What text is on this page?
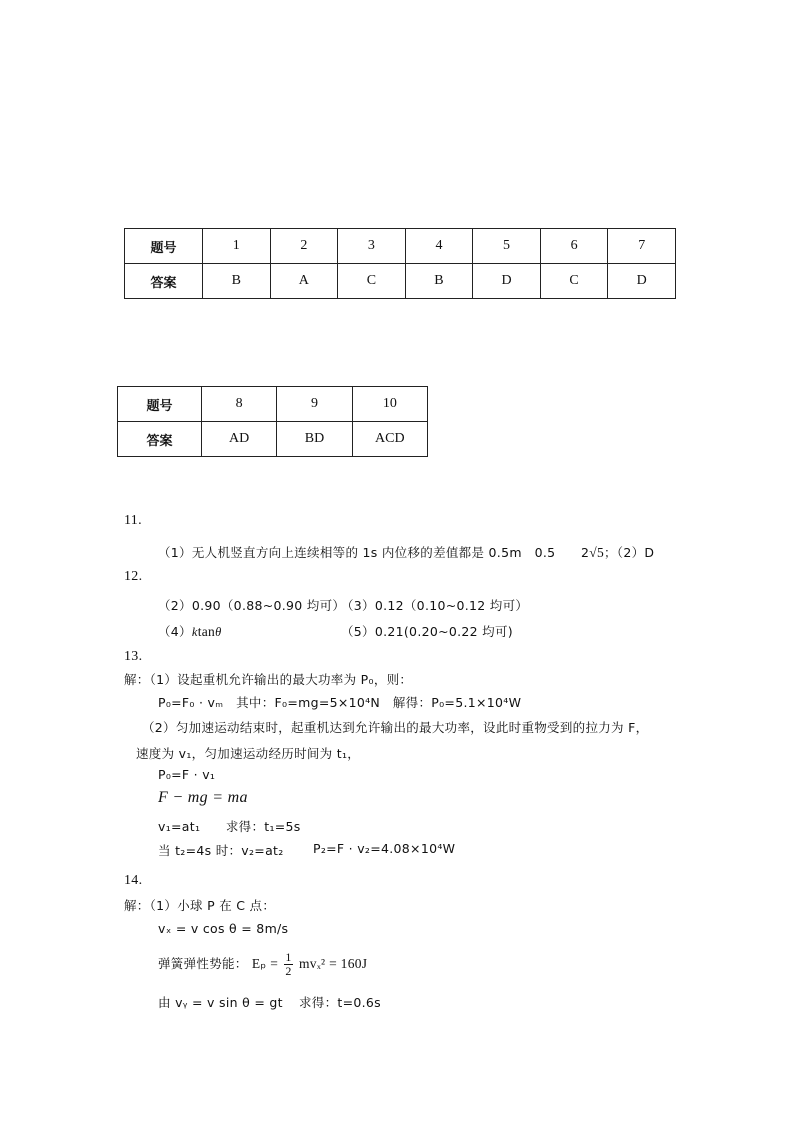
题号	1	2	3	4	5	6	7
答案	B	A	C	B	D	C	D
题号	8	9	10
答案	AD	BD	ACD
11.
（1）无人机竖直方向上连续相等的 1s 内位移的差值都是 0.5m　0.5　　2√5；（2）D
12.
（2）0.90（0.88~0.90 均可）
（3）0.12（0.10~0.12 均可）
（4）ktanθ	（5）0.21(0.20~0.22 均可)
13.
解：（1）设起重机允许输出的最大功率为 P₀，则：
P₀=F₀ · vₘ　其中：F₀=mg=5×10⁴N　解得：P₀=5.1×10⁴W
（2）匀加速运动结束时，起重机达到允许输出的最大功率，设此时重物受到的拉力为 F，
速度为 v₁，匀加速运动经历时间为 t₁，
P₀=F · v₁
F − mg = ma
v₁=at₁　　求得：t₁=5s
当 t₂=4s 时：v₂=at₂ P₂=F · v₂=4.08×10⁴W
14.
解：（1）小球 P 在 C 点：
vₓ = v cos θ = 8m/s
弹簧弹性势能： $E_p = \frac{1}{2} mv_x^2 = 160J$
由 vᵧ = v sin θ = gt 求得：t=0.6s
